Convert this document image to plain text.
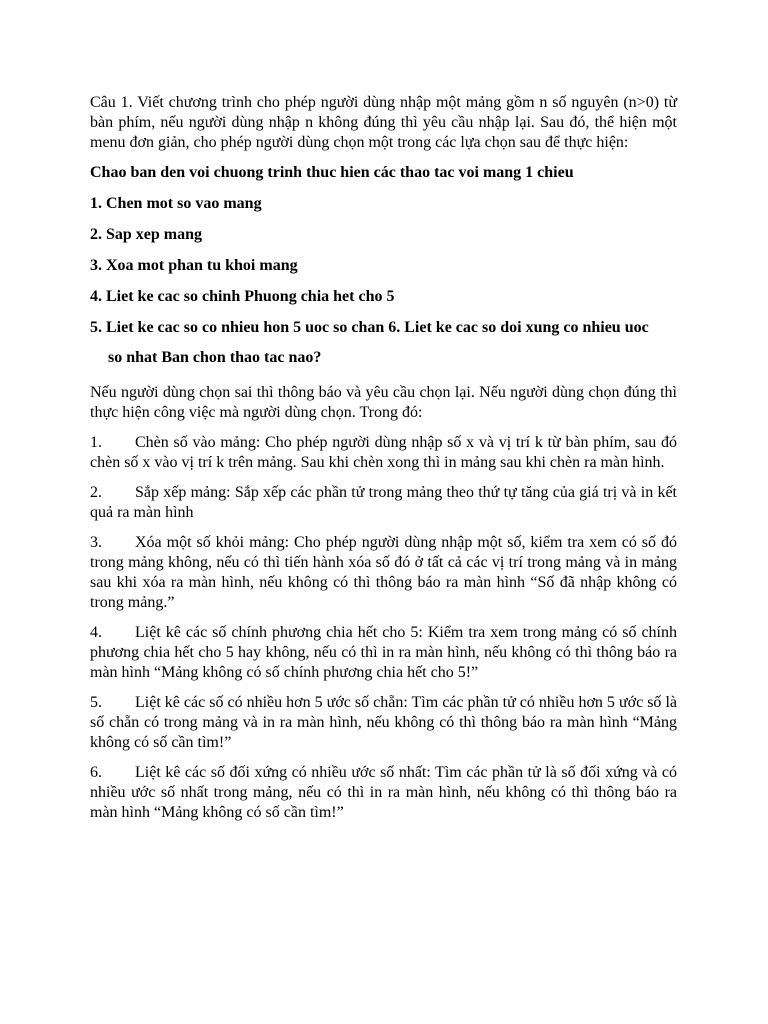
Câu 1. Viết chương trình cho phép người dùng nhập một mảng gồm n số nguyên (n>0) từ bàn phím, nếu người dùng nhập n không đúng thì yêu cầu nhập lại. Sau đó, thể hiện một menu đơn giản, cho phép người dùng chọn một trong các lựa chọn sau để thực hiện:

Chao ban den voi chuong trinh thuc hien các thao tac voi mang 1 chieu

1. Chen mot so vao mang

2. Sap xep mang

3. Xoa mot phan tu khoi mang

4. Liet ke cac so chinh Phuong chia het cho 5

5. Liet ke cac so co nhieu hon 5 uoc so chan 6. Liet ke cac so doi xung co nhieu uoc
so nhat Ban chon thao tac nao?

Nếu người dùng chọn sai thì thông báo và yêu cầu chọn lại. Nếu người dùng chọn đúng thì thực hiện công việc mà người dùng chọn. Trong đó:

1. Chèn số vào mảng: Cho phép người dùng nhập số x và vị trí k từ bàn phím, sau đó chèn số x vào vị trí k trên mảng. Sau khi chèn xong thì in mảng sau khi chèn ra màn hình.

2. Sắp xếp mảng: Sắp xếp các phần tử trong mảng theo thứ tự tăng của giá trị và in kết quả ra màn hình

3. Xóa một số khỏi mảng: Cho phép người dùng nhập một số, kiểm tra xem có số đó trong mảng không, nếu có thì tiến hành xóa số đó ở tất cả các vị trí trong mảng và in mảng sau khi xóa ra màn hình, nếu không có thì thông báo ra màn hình “Số đã nhập không có trong mảng.”

4. Liệt kê các số chính phương chia hết cho 5: Kiểm tra xem trong mảng có số chính phương chia hết cho 5 hay không, nếu có thì in ra màn hình, nếu không có thì thông báo ra màn hình “Mảng không có số chính phương chia hết cho 5!”

5. Liệt kê các số có nhiều hơn 5 ước số chẵn: Tìm các phần tử có nhiều hơn 5 ước số là số chẵn có trong mảng và in ra màn hình, nếu không có thì thông báo ra màn hình “Mảng không có số cần tìm!”

6. Liệt kê các số đối xứng có nhiều ước số nhất: Tìm các phần tử là số đối xứng và có nhiều ước số nhất trong mảng, nếu có thì in ra màn hình, nếu không có thì thông báo ra màn hình “Mảng không có số cần tìm!”
